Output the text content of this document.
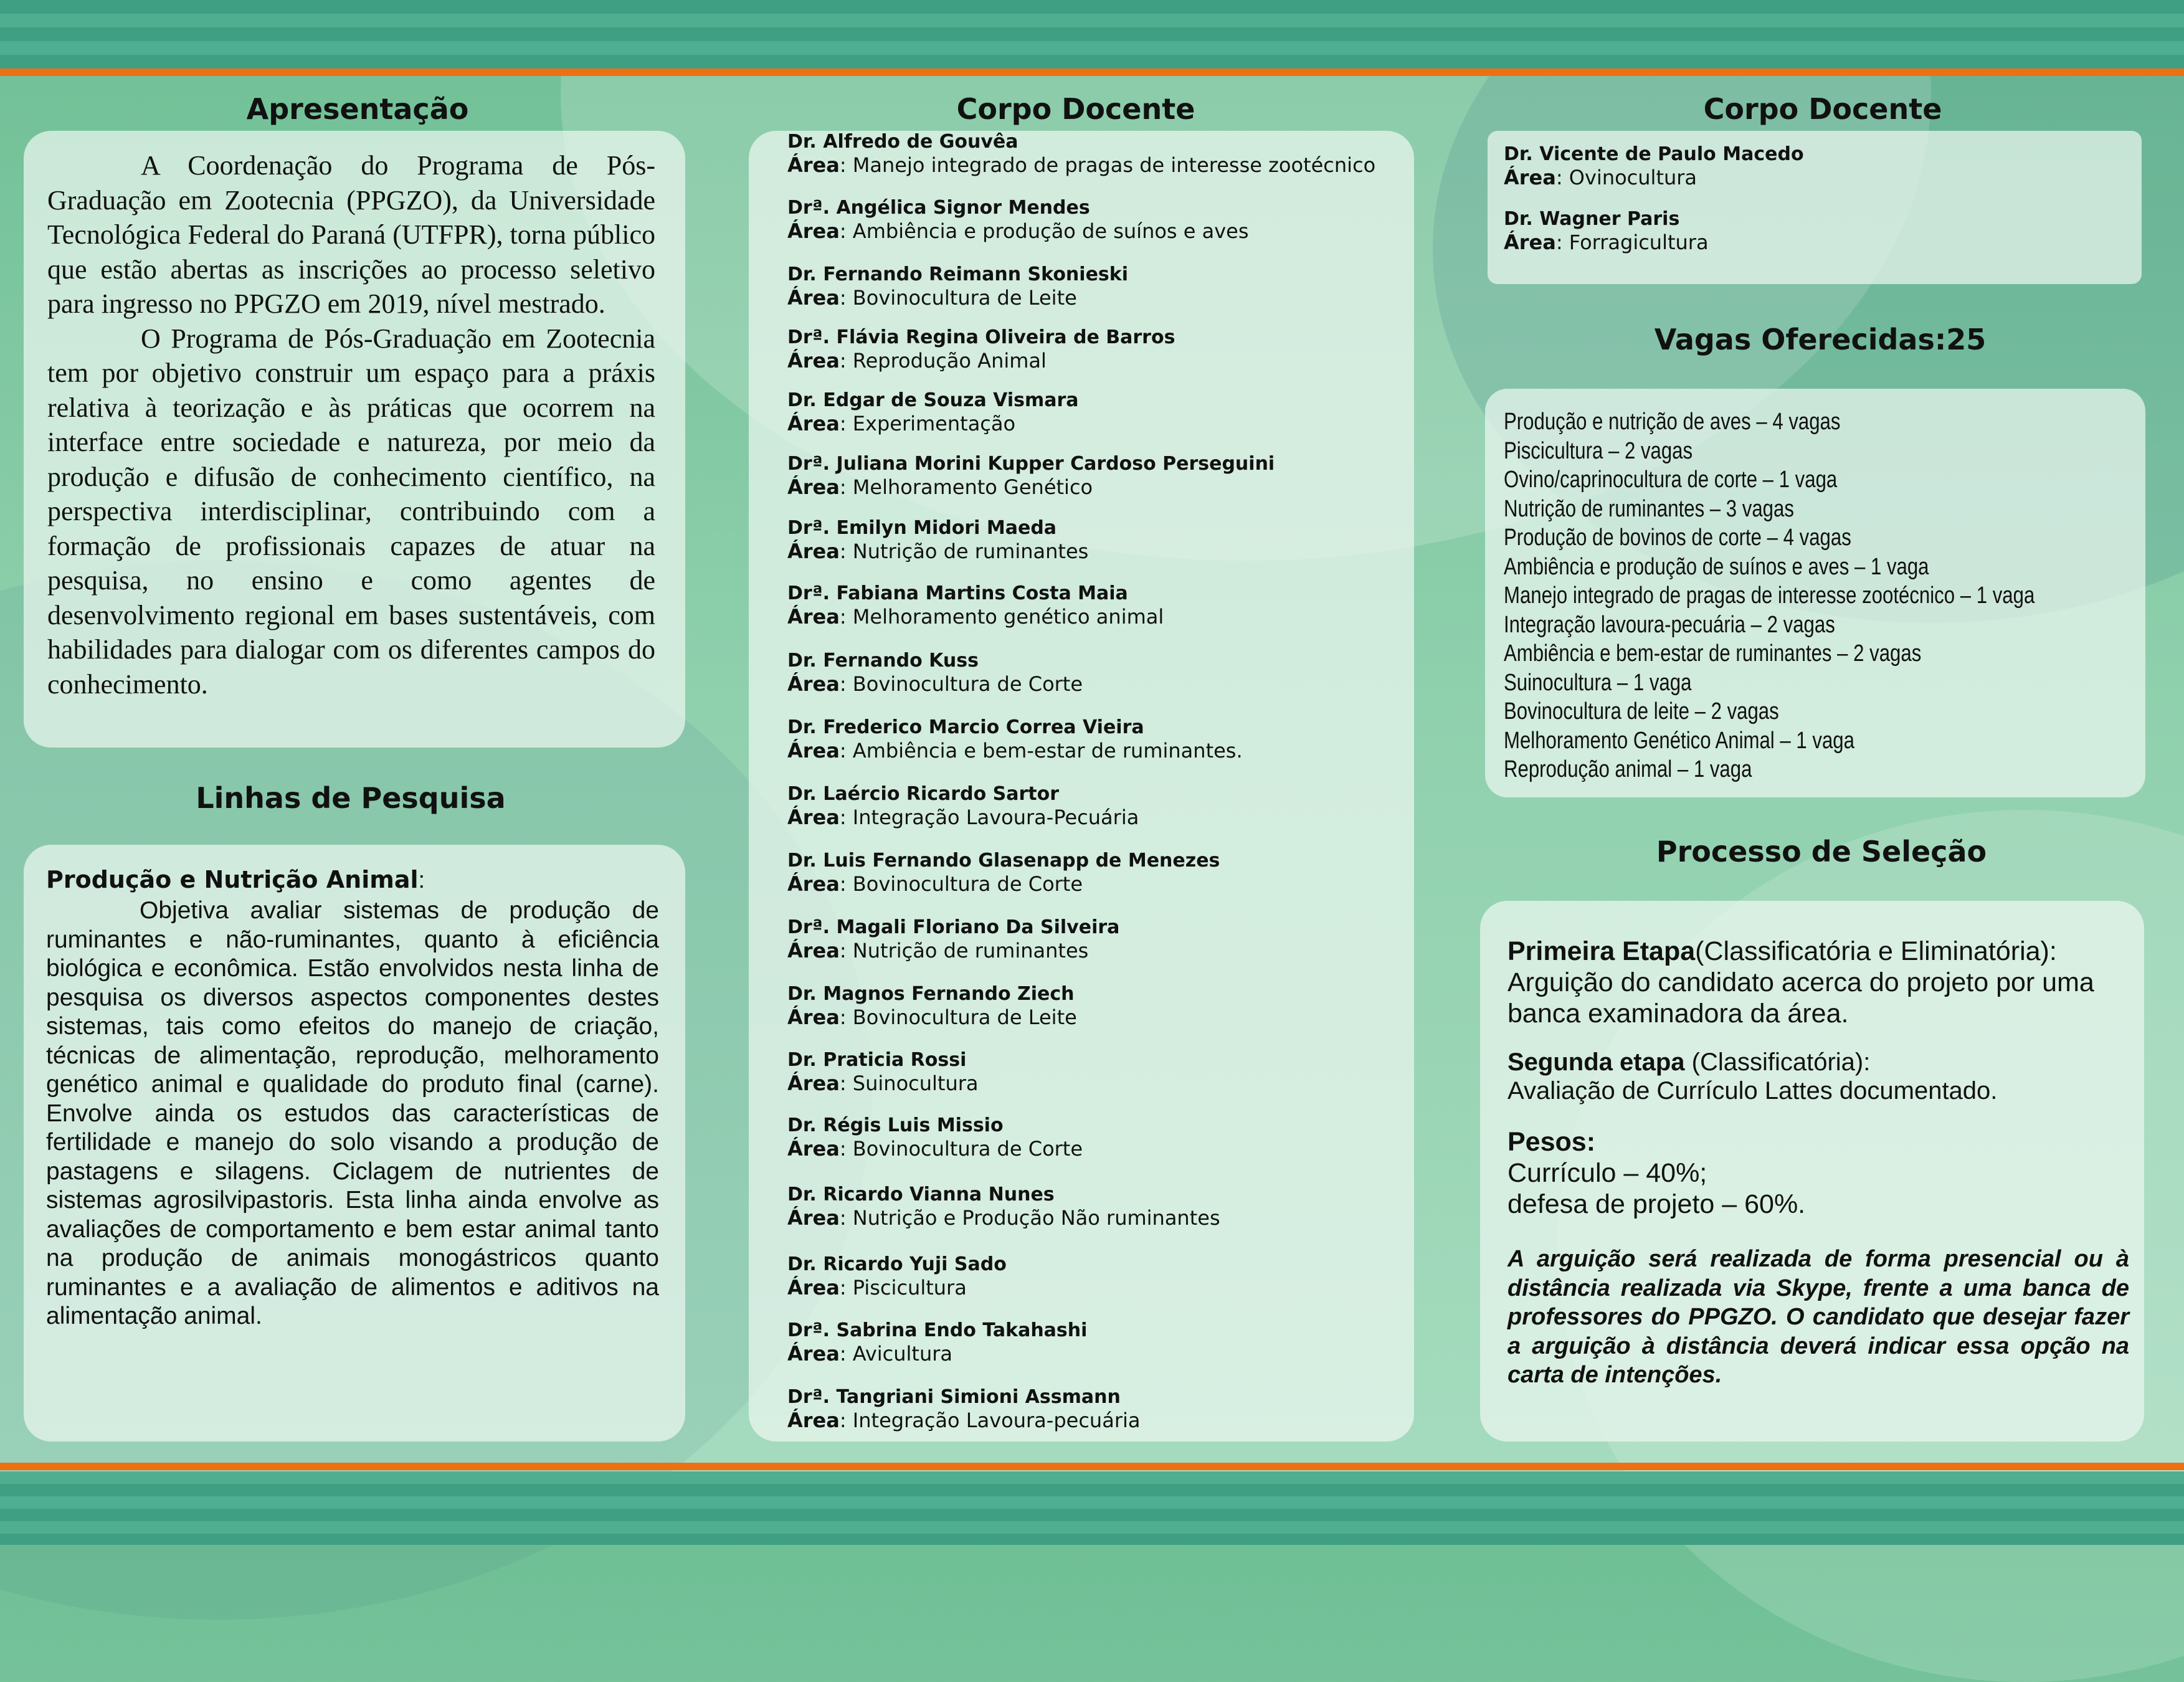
Apresentação

A Coordenação do Programa de Pós-Graduação em Zootecnia (PPGZO), da Universidade Tecnológica Federal do Paraná (UTFPR), torna público que estão abertas as inscrições ao processo seletivo para ingresso no PPGZO em 2019, nível mestrado.

O Programa de Pós-Graduação em Zootecnia tem por objetivo construir um espaço para a práxis relativa à teorização e às práticas que ocorrem na interface entre sociedade e natureza, por meio da produção e difusão de conhecimento científico, na perspectiva interdisciplinar, contribuindo com a formação de profissionais capazes de atuar na pesquisa, no ensino e como agentes de desenvolvimento regional em bases sustentáveis, com habilidades para dialogar com os diferentes campos do conhecimento.

Linhas de Pesquisa
Produção e Nutrição Animal:

Objetiva avaliar sistemas de produção de ruminantes e não-ruminantes, quanto à eficiência biológica e econômica. Estão envolvidos nesta linha de pesquisa os diversos aspectos componentes destes sistemas, tais como efeitos do manejo de criação, técnicas de alimentação, reprodução, melhoramento genético animal e qualidade do produto final (carne). Envolve ainda os estudos das características de fertilidade e manejo do solo visando a produção de pastagens e silagens. Ciclagem de nutrientes de sistemas agrosilvipastoris. Esta linha ainda envolve as avaliações de comportamento e bem estar animal tanto na produção de animais monogástricos quanto ruminantes e a avaliação de alimentos e aditivos na alimentação animal.

Corpo Docente
Dr. Alfredo de Gouvêa
Área: Manejo integrado de pragas de interesse zootécnico
Drª. Angélica Signor Mendes
Área: Ambiência e produção de suínos e aves
Dr. Fernando Reimann Skonieski
Área: Bovinocultura de Leite
Drª. Flávia Regina Oliveira de Barros
Área: Reprodução Animal
Dr. Edgar de Souza Vismara
Área: Experimentação
Drª. Juliana Morini Kupper Cardoso Perseguini
Área: Melhoramento Genético
Drª. Emilyn Midori Maeda
Área: Nutrição de ruminantes
Drª. Fabiana Martins Costa Maia
Área: Melhoramento genético animal
Dr. Fernando Kuss
Área: Bovinocultura de Corte
Dr. Frederico Marcio Correa Vieira
Área: Ambiência e bem-estar de ruminantes.
Dr. Laércio Ricardo Sartor
Área: Integração Lavoura-Pecuária
Dr. Luis Fernando Glasenapp de Menezes
Área: Bovinocultura de Corte
Drª. Magali Floriano Da Silveira
Área: Nutrição de ruminantes
Dr. Magnos Fernando Ziech
Área: Bovinocultura de Leite
Dr. Praticia Rossi
Área: Suinocultura
Dr. Régis Luis Missio
Área: Bovinocultura de Corte
Dr. Ricardo Vianna Nunes
Área: Nutrição e Produção Não ruminantes
Dr. Ricardo Yuji Sado
Área: Piscicultura
Drª. Sabrina Endo Takahashi
Área: Avicultura
Drª. Tangriani Simioni Assmann
Área: Integração Lavoura-pecuária
Corpo Docente
Dr. Vicente de Paulo Macedo
Área: Ovinocultura
Dr. Wagner Paris
Área: Forragicultura
Vagas Oferecidas:25
Produção e nutrição de aves – 4 vagas
Piscicultura – 2 vagas
Ovino/caprinocultura de corte – 1 vaga
Nutrição de ruminantes – 3 vagas
Produção de bovinos de corte – 4 vagas
Ambiência e produção de suínos e aves – 1 vaga
Manejo integrado de pragas de interesse zootécnico – 1 vaga
Integração lavoura-pecuária – 2 vagas
Ambiência e bem-estar de ruminantes – 2 vagas
Suinocultura – 1 vaga
Bovinocultura de leite – 2 vagas
Melhoramento Genético Animal – 1 vaga
Reprodução animal – 1 vaga
Processo de Seleção
Primeira Etapa(Classificatória e Eliminatória):
Arguição do candidato acerca do projeto por uma banca examinadora da área.
Segunda etapa (Classificatória):
Avaliação de Currículo Lattes documentado.
Pesos:
Currículo – 40%;
defesa de projeto – 60%.
A arguição será realizada de forma presencial ou à distância realizada via Skype, frente a uma banca de professores do PPGZO. O candidato que desejar fazer a arguição à distância deverá indicar essa opção na carta de intenções.
